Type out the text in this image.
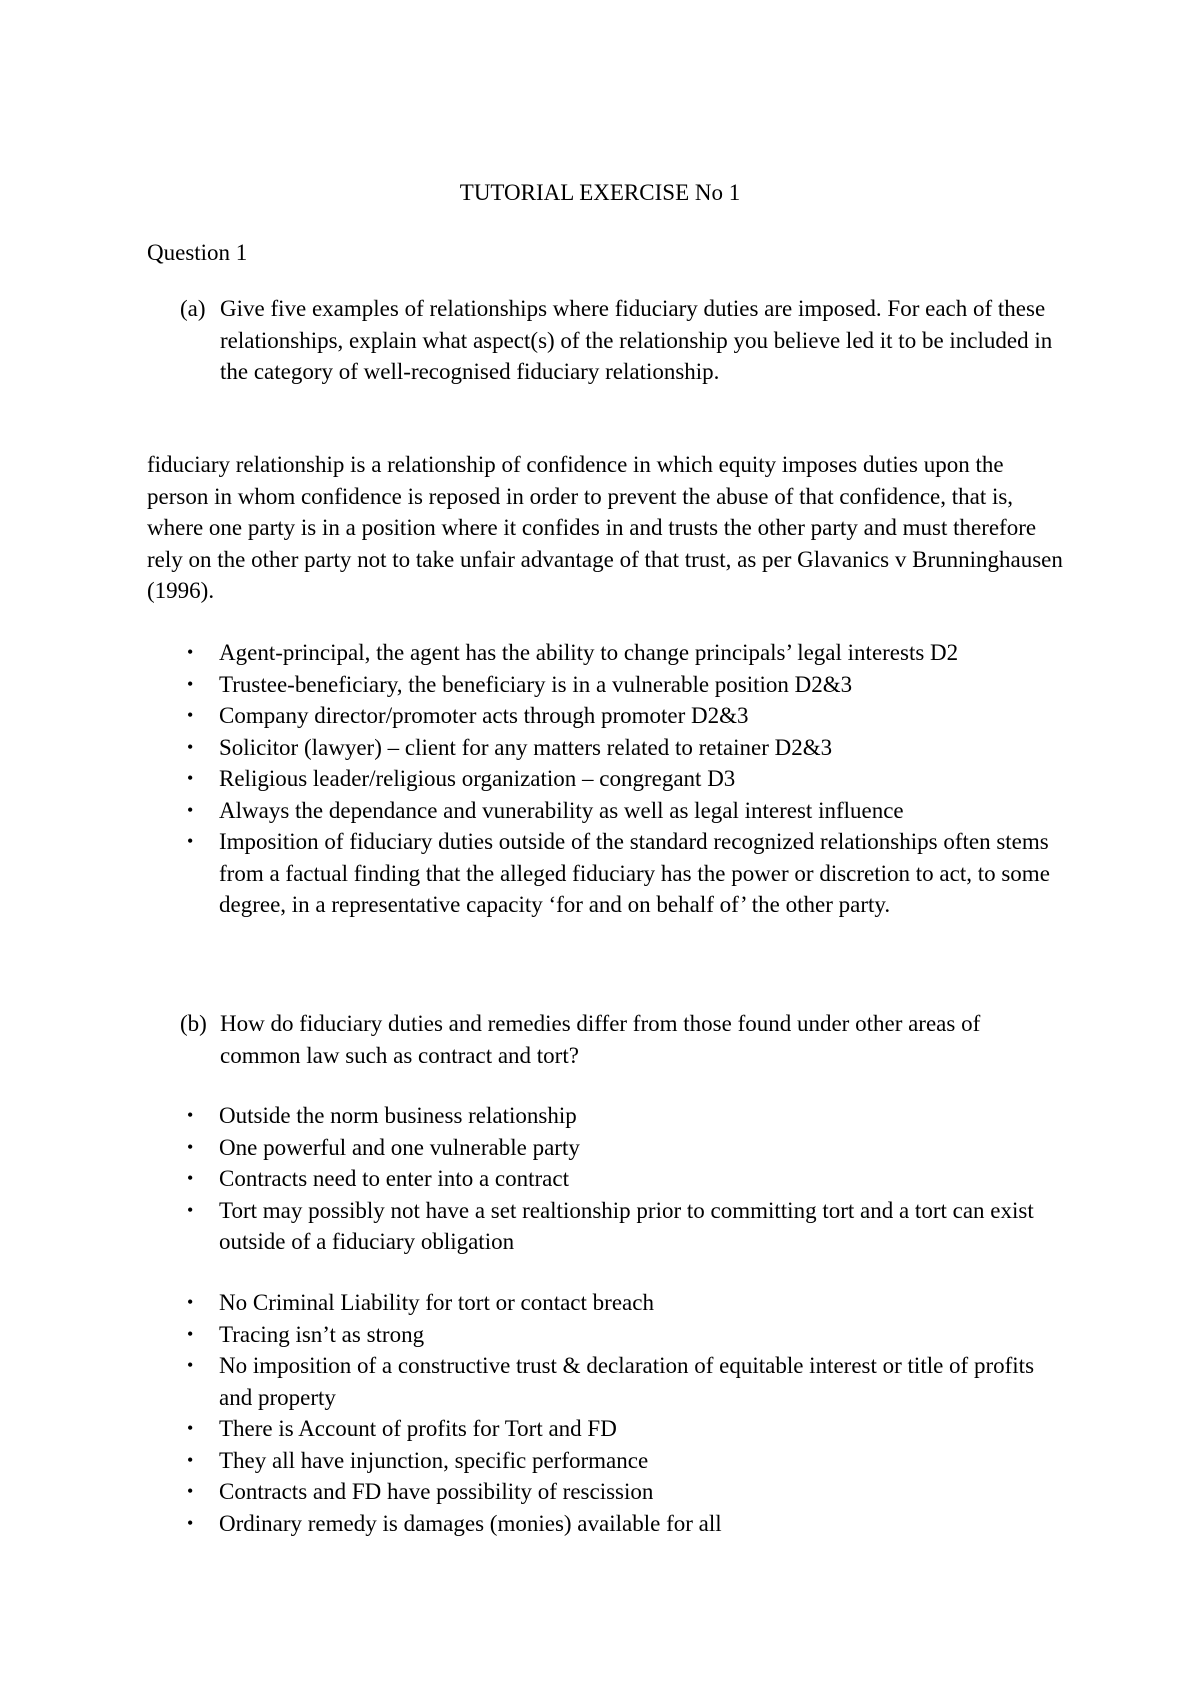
TUTORIAL EXERCISE No 1
Question 1
(a) Give five examples of relationships where fiduciary duties are imposed. For each of these relationships, explain what aspect(s) of the relationship you believe led it to be included in the category of well-recognised fiduciary relationship.

fiduciary relationship is a relationship of confidence in which equity imposes duties upon the person in whom confidence is reposed in order to prevent the abuse of that confidence, that is, where one party is in a position where it confides in and trusts the other party and must therefore rely on the other party not to take unfair advantage of that trust, as per Glavanics v Brunninghausen (1996).

• Agent-principal, the agent has the ability to change principals’ legal interests D2
• Trustee-beneficiary, the beneficiary is in a vulnerable position D2&3
• Company director/promoter acts through promoter D2&3
• Solicitor (lawyer) – client for any matters related to retainer D2&3
• Religious leader/religious organization – congregant D3
• Always the dependance and vunerability as well as legal interest influence
• Imposition of fiduciary duties outside of the standard recognized relationships often stems from a factual finding that the alleged fiduciary has the power or discretion to act, to some degree, in a representative capacity ‘for and on behalf of’ the other party.
(b) How do fiduciary duties and remedies differ from those found under other areas of common law such as contract and tort?
• Outside the norm business relationship
• One powerful and one vulnerable party
• Contracts need to enter into a contract
• Tort may possibly not have a set realtionship prior to committing tort and a tort can exist outside of a fiduciary obligation
• No Criminal Liability for tort or contact breach
• Tracing isn’t as strong
• No imposition of a constructive trust & declaration of equitable interest or title of profits and property
• There is Account of profits for Tort and FD
• They all have injunction, specific performance
• Contracts and FD have possibility of rescission
• Ordinary remedy is damages (monies) available for all
